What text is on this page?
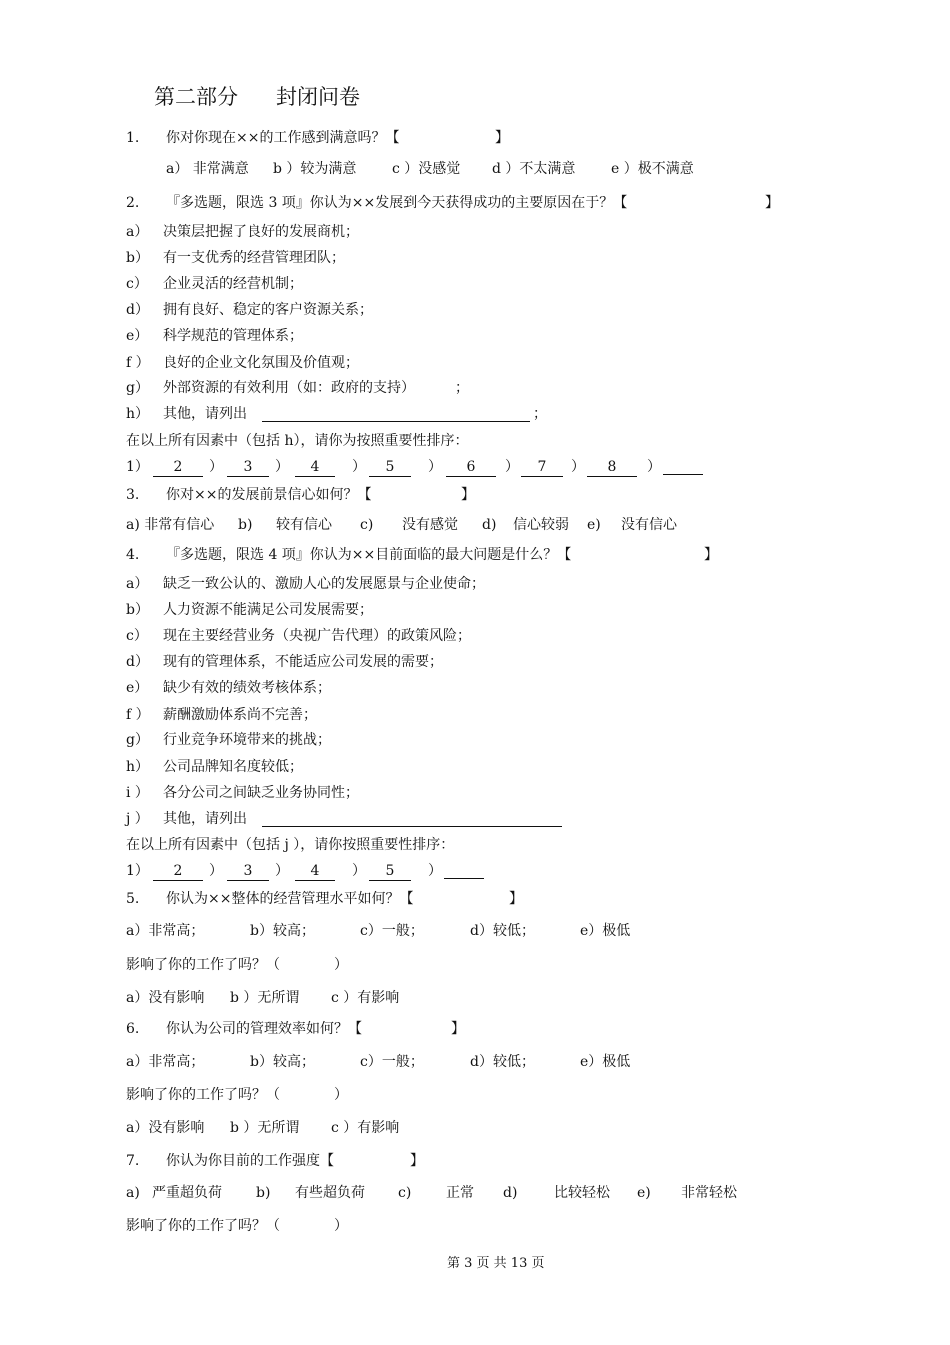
第二部分 封闭问卷
1. 你对你现在××的工作感到满意吗？【	】
a） 非常满意 b ）较为满意	c ）没感觉 d ）不太满意	e ）极不满意
2. 『多选题，限选 3 项』你认为××发展到今天获得成功的主要原因在于？【	】
a） 决策层把握了良好的发展商机；
b） 有一支优秀的经营管理团队；
c） 企业灵活的经营机制；
d） 拥有良好、稳定的客户资源关系；
e） 科学规范的管理体系；
f ） 良好的企业文化氛围及价值观；
g） 外部资源的有效利用（如：政府的支持）	；
h） 其他，请列出	；
在以上所有因素中（包括 h），请你为按照重要性排序：
1）	2	）	3	）	4	）	5	）	6	）	7	）	8	）
3. 你对××的发展前景信心如何？【	】
a) 非常有信心 b) 较有信心 c) 没有感觉 d) 信心较弱 e) 没有信心
4. 『多选题，限选 4 项』你认为××目前面临的最大问题是什么？【	】
a） 缺乏一致公认的、激励人心的发展愿景与企业使命；
b） 人力资源不能满足公司发展需要；
c） 现在主要经营业务（央视广告代理）的政策风险；
d） 现有的管理体系，不能适应公司发展的需要；
e） 缺少有效的绩效考核体系；
f ） 薪酬激励体系尚不完善；
g） 行业竞争环境带来的挑战；
h） 公司品牌知名度较低；
i ） 各分公司之间缺乏业务协同性；
j ） 其他，请列出
在以上所有因素中（包括 j ），请你按照重要性排序：
1）	2	）	3	）	4	）	5	）
5. 你认为××整体的经营管理水平如何？【	】
a）非常高；	b）较高；	c）一般；	d）较低；	e）极低
影响了你的工作了吗？（	）
a）没有影响 b ）无所谓 c ）有影响
6. 你认为公司的管理效率如何？【	】
a）非常高；	b）较高；	c）一般；	d）较低；	e）极低
影响了你的工作了吗？（	）
a）没有影响 b ）无所谓 c ）有影响
7. 你认为你目前的工作强度【	】
a) 严重超负荷 b) 有些超负荷 c) 正常 d)	比较轻松 e) 非常轻松
影响了你的工作了吗？（	）
第 3 页 共 13 页
